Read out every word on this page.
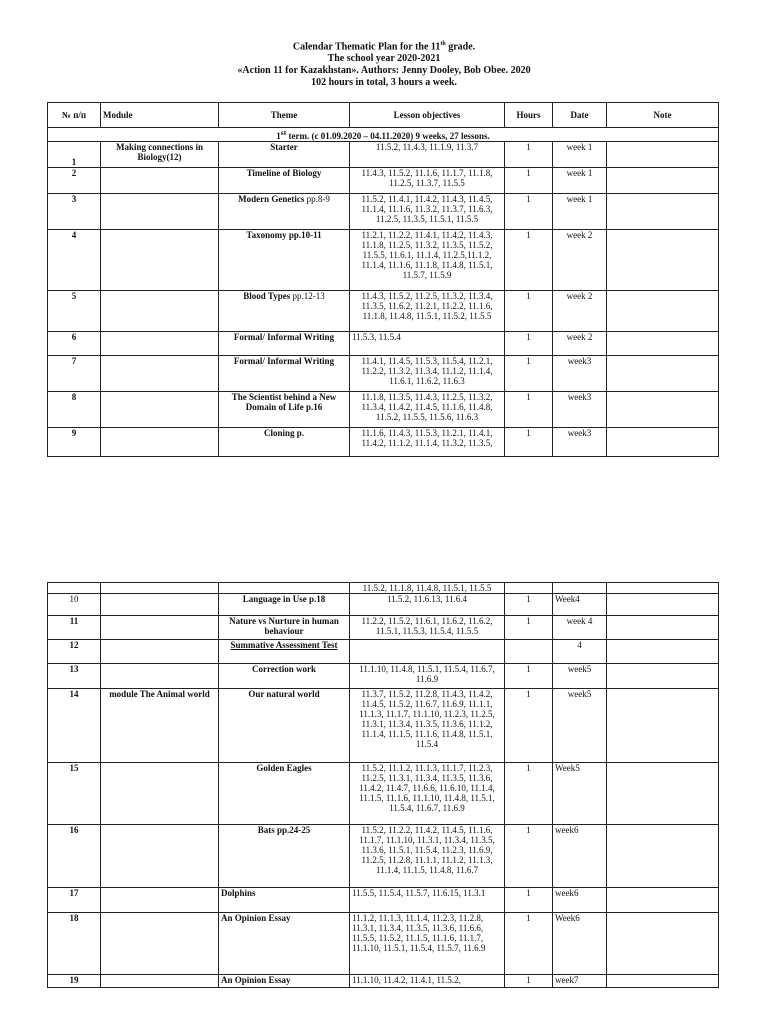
Calendar Thematic Plan for the 11th grade.
The school year 2020-2021
«Action 11 for Kazakhstan». Authors: Jenny Dooley, Bob Obee. 2020
102 hours in total, 3 hours a week.
№ п/п	Module	Theme	Lesson objectives	Hours	Date	Note
1st term. (с 01.09.2020 – 04.11.2020) 9 weeks, 27 lessons.						
1	Making connections in Biology(12)	Starter	11.5.2, 11.4.3, 11.1.9, 11.3.7	1	week 1	
2		Timeline of Biology	11.4.3, 11.5.2, 11.1.6, 11.1.7, 11.1.8, 11.2.5, 11.3.7, 11.5.5	1	week 1	
3		Modern Genetics pp.8-9	11.5.2, 11.4.1, 11.4.2, 11.4.3, 11.4.5, 11.1.4, 11.1.6, 11.3.2, 11.3.7, 11.6.3, 11.2.5, 11.3.5, 11.5.1, 11.5.5	1	week 1	
4		Taxonomy pp.10-11	11.2.1, 11.2.2, 11.4.1, 11.4.2, 11.4.3, 11.1.8, 11.2.5, 11.3.2, 11.3.5, 11.5.2, 11.5.5, 11.6.1, 11.1.4, 11.2.5,11.1.2, 11.1.4, 11.1.6, 11.1.8, 11.4.8, 11.5.1, 11.5.7, 11.5.9	1	week 2	
5		Blood Types pp.12-13	11.4.3, 11.5.2, 11.2.5, 11.3.2, 11.3.4, 11.3.5, 11.6.2, 11.2.1, 11.2.2, 11.1.6, 11.1.8, 11.4.8, 11.5.1, 11.5.2, 11.5.5	1	week 2	
6		Formal/ Informal Writing	11.5.3, 11.5.4	1	week 2	
7		Formal/ Informal Writing	11.4.1, 11.4.5, 11.5.3, 11.5.4, 11.2.1, 11.2.2, 11.3.2, 11.3.4, 11.1.2, 11.1.4, 11.6.1, 11.6.2, 11.6.3	1	week3	
8		The Scientist behind a New Domain of Life p.16	11.1.8, 11.3.5, 11.4.3, 11.2.5, 11.3.2, 11.3.4, 11.4.2, 11.4.5, 11.1.6, 11.4.8, 11.5.2, 11.5.5, 11.5.6, 11.6.3	1	week3	
9		Cloning p.	11.1.6, 11.4.3, 11.5.3, 11.2.1, 11.4.1, 11.4.2, 11.1.2, 11.1.4, 11.3.2, 11.3.5,	1	week3	
			11.5.2, 11.1.8, 11.4.8, 11.5.1, 11.5.5			
10		Language in Use p.18	11.5.2, 11.6.13, 11.6.4	1	Week4	
11		Nature vs Nurture in human behaviour	11.2.2, 11.5.2, 11.6.1, 11.6.2, 11.6.2, 11.5.1, 11.5.3, 11.5.4, 11.5.5	1	week 4	
12		Summative Assessment Test			4	
13		Correction work	11.1.10, 11.4.8, 11.5.1, 11.5.4, 11.6.7, 11.6.9	1	week5	
14	module The Animal world	Our natural world	11.3.7, 11.5.2, 11.2.8, 11.4.3, 11.4.2, 11.4.5, 11.5.2, 11.6.7, 11.6.9, 11.1.1, 11.1.3, 11.1.7, 11.1.10, 11.2.3, 11.2.5, 11.3.1, 11.3.4, 11.3.5, 11.3.6, 11.1.2, 11.1.4, 11.1.5, 11.1.6, 11.4.8, 11.5.1, 11.5.4	1	week5	
15		Golden Eagles	11.5.2, 11.1.2, 11.1.3, 11.1.7, 11.2.3, 11.2.5, 11.3.1, 11.3.4, 11.3.5, 11.3.6, 11.4.2, 11.4.7, 11.6.6, 11.6.10, 11.1.4, 11.1.5, 11.1.6, 11.1.10, 11.4.8, 11.5.1, 11.5.4, 11.6.7, 11.6.9	1	Week5	
16		Bats pp.24-25	11.5.2, 11.2.2, 11.4.2, 11.4.5, 11.1.6, 11.1.7, 11.1.10, 11.3.1, 11.3.4, 11.3.5, 11.3.6, 11.5.1, 11.5.4, 11.2.3, 11.6.9, 11.2.5, 11.2.8, 11.1.1, 11.1.2, 11.1.3, 11.1.4, 11.1.5, 11.4.8, 11.6.7	1	week6	
17		Dolphins	11.5.5, 11.5.4, 11.5.7, 11.6.15, 11.3.1	1	week6	
18		An Opinion Essay	11.1.2, 11.1.3, 11.1.4, 11.2.3, 11.2.8, 11.3.1, 11.3.4, 11.3.5, 11.3.6, 11.6.6, 11.5.5, 11.5.2, 11.1.5, 11.1.6, 11.1.7, 11.1.10, 11.5.1, 11.5.4, 11.5.7, 11.6.9	1	Week6	
19		An Opinion Essay	11.1.10, 11.4.2, 11.4.1, 11.5.2,	1	week7	
